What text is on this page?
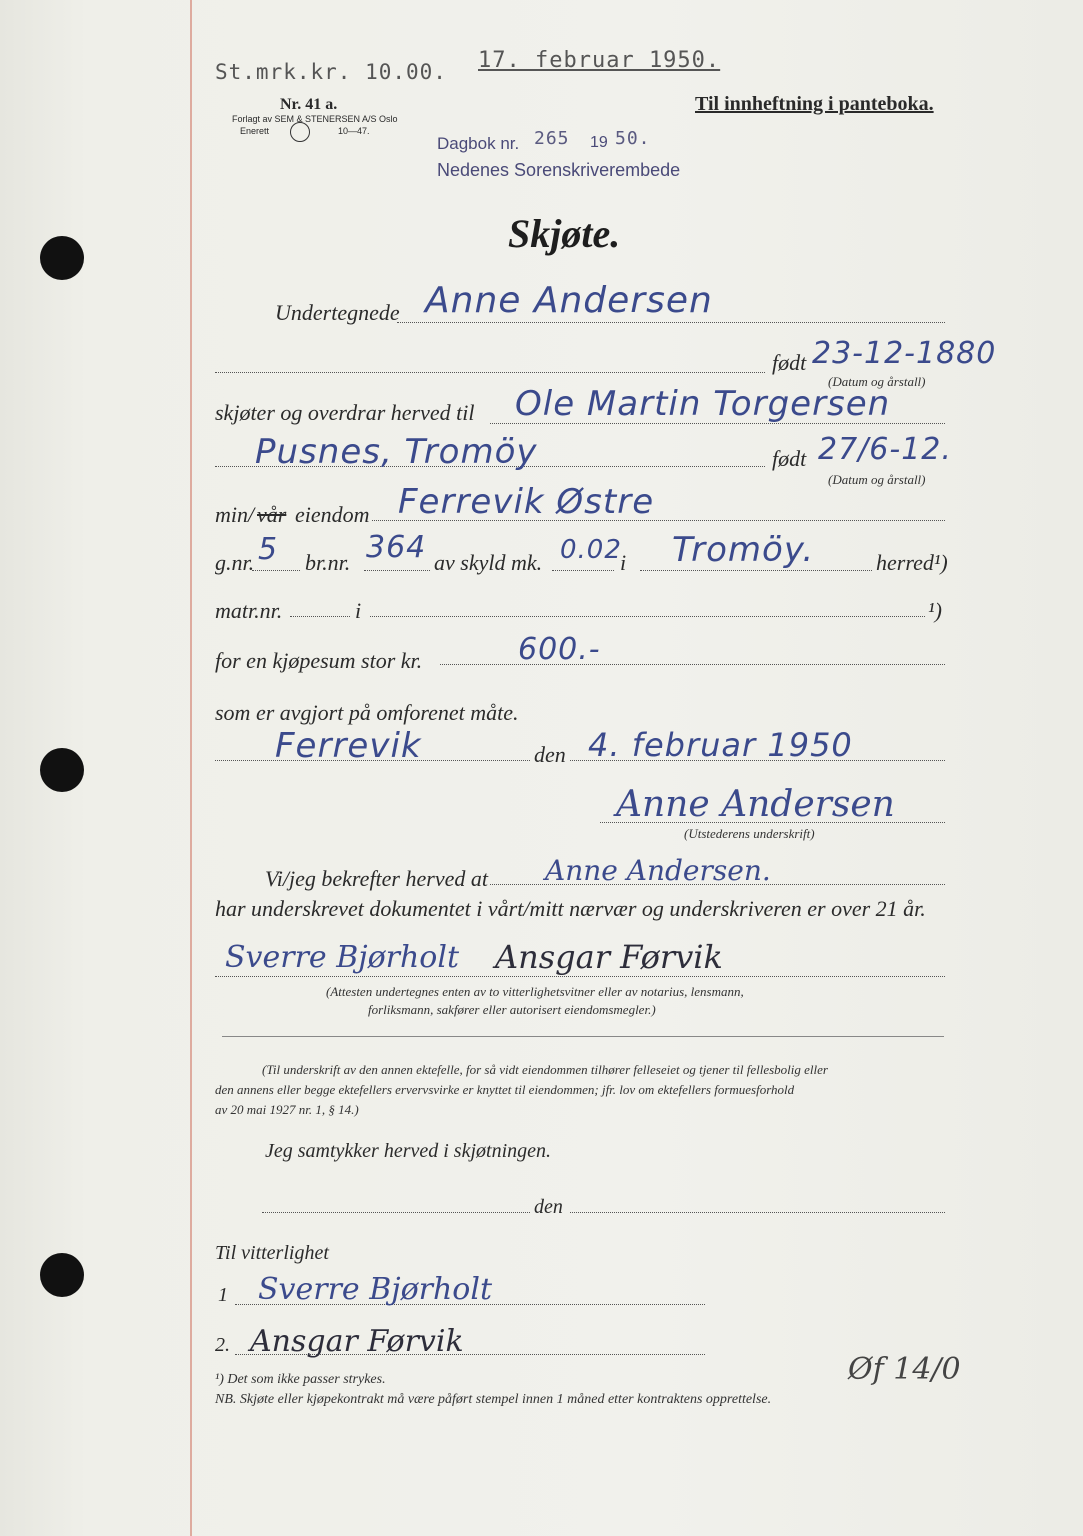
St.mrk.kr. 10.00. 17. februar 1950.
Nr. 41 a.
Forlagt av SEM & STENERSEN A/S Oslo
Enerett	10—47.
Til innheftning i panteboka.
Dagbok nr. 265 19 50.
Nedenes Sorenskriverembede
Skjøte.
Undertegnede Anne Andersen
født 23-12-1880
(Datum og årstall)
skjøter og overdrar herved til Ole Martin Torgersen
Pusnes, Tromöy	født 27/6-12.
(Datum og årstall)
min/ vår eiendom Ferrevik Østre
g.nr. 5 br.nr. 364 av skyld mk. 0.02
i Tromöy.	herred¹)
matr.nr.	i	¹)
for en kjøpesum stor kr.	600.-
som er avgjort på omforenet måte.
Ferrevik	den 4. februar 1950
Anne Andersen
(Utstederens underskrift)
Vi/jeg bekrefter herved at Anne Andersen.
har underskrevet dokumentet i vårt/mitt nærvær og underskriveren er over 21 år.
Sverre Bjørholt Ansgar Førvik
(Attesten undertegnes enten av to vitterlighetsvitner eller av notarius, lensmann,
forliksmann, sakfører eller autorisert eiendomsmegler.)
(Til underskrift av den annen ektefelle, for så vidt eiendommen tilhører felleseiet og tjener til fellesbolig eller
den annens eller begge ektefellers ervervsvirke er knyttet til eiendommen; jfr. lov om ektefellers formuesforhold
av 20 mai 1927 nr. 1, § 14.)
Jeg samtykker herved i skjøtningen.
den
Til vitterlighet
1 Sverre Bjørholt
2. Ansgar Førvik
¹) Det som ikke passer strykes.
NB. Skjøte eller kjøpekontrakt må være påført stempel innen 1 måned etter kontraktens opprettelse.
Øf 14/0
